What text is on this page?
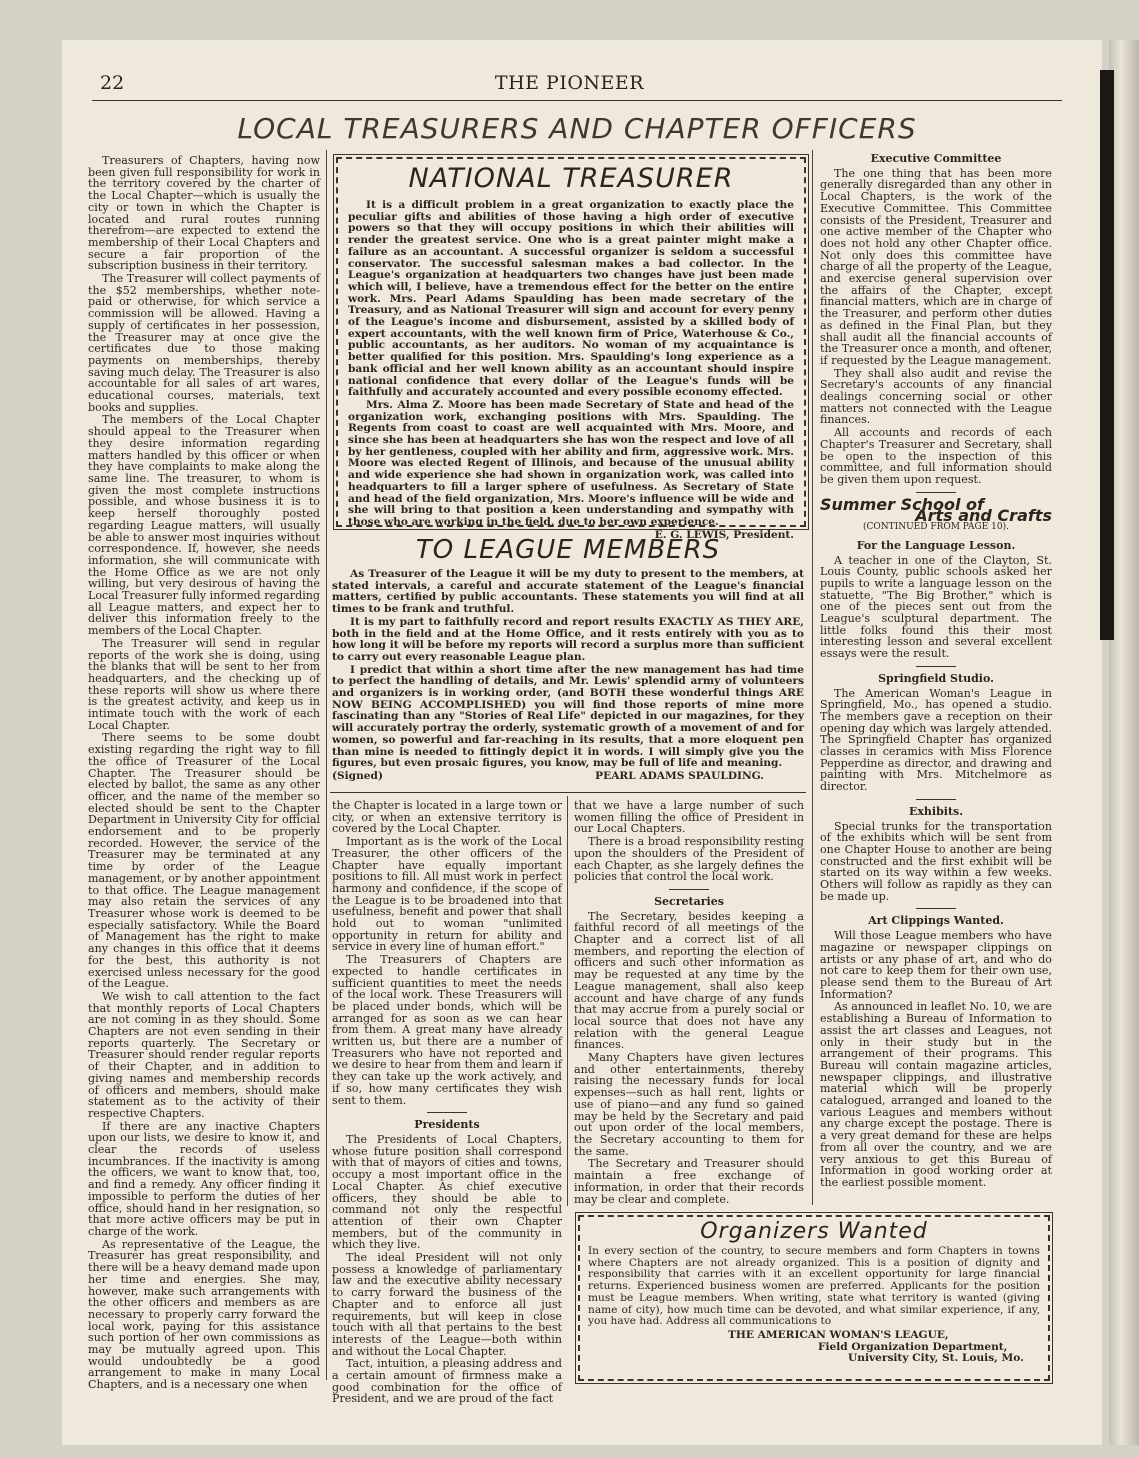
22	THE PIONEER
LOCAL TREASURERS AND CHAPTER OFFICERS

Treasurers of Chapters, having now been given full responsibility for work in the territory covered by the charter of the Local Chapter—which is usually the city or town in which the Chapter is located and rural routes running therefrom—are expected to extend the membership of their Local Chapters and secure a fair proportion of the subscription business in their territory.

The Treasurer will collect payments of the $52 memberships, whether note-paid or otherwise, for which service a commission will be allowed. Having a supply of certificates in her possession, the Treasurer may at once give the certificates due to those making payments on memberships, thereby saving much delay. The Treasurer is also accountable for all sales of art wares, educational courses, materials, text books and supplies.

The members of the Local Chapter should appeal to the Treasurer when they desire information regarding matters handled by this officer or when they have complaints to make along the same line. The treasurer, to whom is given the most complete instructions possible, and whose business it is to keep herself thoroughly posted regarding League matters, will usually be able to answer most inquiries without correspondence. If, however, she needs information, she will communicate with the Home Office as we are not only willing, but very desirous of having the Local Treasurer fully informed regarding all League matters, and expect her to deliver this information freely to the members of the Local Chapter.

The Treasurer will send in regular reports of the work she is doing, using the blanks that will be sent to her from headquarters, and the checking up of these reports will show us where there is the greatest activity, and keep us in intimate touch with the work of each Local Chapter.

There seems to be some doubt existing regarding the right way to fill the office of Treasurer of the Local Chapter. The Treasurer should be elected by ballot, the same as any other officer, and the name of the member so elected should be sent to the Chapter Department in University City for official endorsement and to be properly recorded. However, the service of the Treasurer may be terminated at any time by order of the League management, or by another appointment to that office. The League management may also retain the services of any Treasurer whose work is deemed to be especially satisfactory. While the Board of Management has the right to make any changes in this office that it deems for the best, this authority is not exercised unless necessary for the good of the League.

We wish to call attention to the fact that monthly reports of Local Chapters are not coming in as they should. Some Chapters are not even sending in their reports quarterly. The Secretary or Treasurer should render regular reports of their Chapter, and in addition to giving names and membership records of officers and members, should make statement as to the activity of their respective Chapters.

If there are any inactive Chapters upon our lists, we desire to know it, and clear the records of useless incumbrances. If the inactivity is among the officers, we want to know that, too, and find a remedy. Any officer finding it impossible to perform the duties of her office, should hand in her resignation, so that more active officers may be put in charge of the work.

As representative of the League, the Treasurer has great responsibility, and there will be a heavy demand made upon her time and energies. She may, however, make such arrangements with the other officers and members as are necessary to properly carry forward the local work, paying for this assistance such portion of her own commissions as may be mutually agreed upon. This would undoubtedly be a good arrangement to make in many Local Chapters, and is a necessary one when

NATIONAL TREASURER

It is a difficult problem in a great organization to exactly place the peculiar gifts and abilities of those having a high order of executive powers so that they will occupy positions in which their abilities will render the greatest service. One who is a great painter might make a failure as an accountant. A successful organizer is seldom a successful conservator. The successful salesman makes a bad collector. In the League's organization at headquarters two changes have just been made which will, I believe, have a tremendous effect for the better on the entire work. Mrs. Pearl Adams Spaulding has been made secretary of the Treasury, and as National Treasurer will sign and account for every penny of the League's income and disbursement, assisted by a skilled body of expert accountants, with the well known firm of Price, Waterhouse & Co., public accountants, as her auditors. No woman of my acquaintance is better qualified for this position. Mrs. Spaulding's long experience as a bank official and her well known ability as an accountant should inspire national confidence that every dollar of the League's funds will be faithfully and accurately accounted and every possible economy effected.

Mrs. Alma Z. Moore has been made Secretary of State and head of the organization work, exchanging positions with Mrs. Spaulding. The Regents from coast to coast are well acquainted with Mrs. Moore, and since she has been at headquarters she has won the respect and love of all by her gentleness, coupled with her ability and firm, aggressive work. Mrs. Moore was elected Regent of Illinois, and because of the unusual ability and wide experience she had shown in organization work, was called into headquarters to fill a larger sphere of usefulness. As Secretary of State and head of the field organization, Mrs. Moore's influence will be wide and she will bring to that position a keen understanding and sympathy with those who are working in the field, due to her own experience.

E. G. LEWIS, President.
TO LEAGUE MEMBERS

As Treasurer of the League it will be my duty to present to the members, at stated intervals, a careful and accurate statement of the League's financial matters, certified by public accountants. These statements you will find at all times to be frank and truthful.

It is my part to faithfully record and report results EXACTLY AS THEY ARE, both in the field and at the Home Office, and it rests entirely with you as to how long it will be before my reports will record a surplus more than sufficient to carry out every reasonable League plan.

I predict that within a short time after the new management has had time to perfect the handling of details, and Mr. Lewis' splendid army of volunteers and organizers is in working order, (and BOTH these wonderful things ARE NOW BEING ACCOMPLISHED) you will find those reports of mine more fascinating than any "Stories of Real Life" depicted in our magazines, for they will accurately portray the orderly, systematic growth of a movement of and for women, so powerful and far-reaching in its results, that a more eloquent pen than mine is needed to fittingly depict it in words. I will simply give you the figures, but even prosaic figures, you know, may be full of life and meaning.

(Signed)	PEARL ADAMS SPAULDING.

the Chapter is located in a large town or city, or when an extensive territory is covered by the Local Chapter.

Important as is the work of the Local Treasurer, the other officers of the Chapter have equally important positions to fill. All must work in perfect harmony and confidence, if the scope of the League is to be broadened into that usefulness, benefit and power that shall hold out to woman "unlimited opportunity in return for ability and service in every line of human effort."

The Treasurers of Chapters are expected to handle certificates in sufficient quantities to meet the needs of the local work. These Treasurers will be placed under bonds, which will be arranged for as soon as we can hear from them. A great many have already written us, but there are a number of Treasurers who have not reported and we desire to hear from them and learn if they can take up the work actively, and if so, how many certificates they wish sent to them.

Presidents

The Presidents of Local Chapters, whose future position shall correspond with that of mayors of cities and towns, occupy a most important office in the Local Chapter. As chief executive officers, they should be able to command not only the respectful attention of their own Chapter members, but of the community in which they live.

The ideal President will not only possess a knowledge of parliamentary law and the executive ability necessary to carry forward the business of the Chapter and to enforce all just requirements, but will keep in close touch with all that pertains to the best interests of the League—both within and without the Local Chapter.

Tact, intuition, a pleasing address and a certain amount of firmness make a good combination for the office of President, and we are proud of the fact

that we have a large number of such women filling the office of President in our Local Chapters.

There is a broad responsibility resting upon the shoulders of the President of each Chapter, as she largely defines the policies that control the local work.

Secretaries

The Secretary, besides keeping a faithful record of all meetings of the Chapter and a correct list of all members, and reporting the election of officers and such other information as may be requested at any time by the League management, shall also keep account and have charge of any funds that may accrue from a purely social or local source that does not have any relation with the general League finances.

Many Chapters have given lectures and other entertainments, thereby raising the necessary funds for local expenses—such as hall rent, lights or use of piano—and any fund so gained may be held by the Secretary and paid out upon order of the local members, the Secretary accounting to them for the same.

The Secretary and Treasurer should maintain a free exchange of information, in order that their records may be clear and complete.

Executive Committee

The one thing that has been more generally disregarded than any other in Local Chapters, is the work of the Executive Committee. This Committee consists of the President, Treasurer and one active member of the Chapter who does not hold any other Chapter office. Not only does this committee have charge of all the property of the League, and exercise general supervision over the affairs of the Chapter, except financial matters, which are in charge of the Treasurer, and perform other duties as defined in the Final Plan, but they shall audit all the financial accounts of the Treasurer once a month, and oftener, if requested by the League management.

They shall also audit and revise the Secretary's accounts of any financial dealings concerning social or other matters not connected with the League finances.

All accounts and records of each Chapter's Treasurer and Secretary, shall be open to the inspection of this committee, and full information should be given them upon request.

Summer School of
Arts and Crafts
(CONTINUED FROM PAGE 10).
For the Language Lesson.

A teacher in one of the Clayton, St. Louis County, public schools asked her pupils to write a language lesson on the statuette, "The Big Brother," which is one of the pieces sent out from the League's sculptural department. The little folks found this their most interesting lesson and several excellent essays were the result.

Springfield Studio.

The American Woman's League in Springfield, Mo., has opened a studio. The members gave a reception on their opening day which was largely attended. The Springfield Chapter has organized classes in ceramics with Miss Florence Pepperdine as director, and drawing and painting with Mrs. Mitchelmore as director.

Exhibits.

Special trunks for the transportation of the exhibits which will be sent from one Chapter House to another are being constructed and the first exhibit will be started on its way within a few weeks. Others will follow as rapidly as they can be made up.

Art Clippings Wanted.

Will those League members who have magazine or newspaper clippings on artists or any phase of art, and who do not care to keep them for their own use, please send them to the Bureau of Art Information?

As announced in leaflet No. 10, we are establishing a Bureau of Information to assist the art classes and Leagues, not only in their study but in the arrangement of their programs. This Bureau will contain magazine articles, newspaper clippings, and illustrative material which will be properly catalogued, arranged and loaned to the various Leagues and members without any charge except the postage. There is a very great demand for these are helps from all over the country, and we are very anxious to get this Bureau of Information in good working order at the earliest possible moment.

Organizers Wanted
In every section of the country, to secure members and form Chapters in towns where Chapters are not already organized. This is a position of dignity and responsibility that carries with it an excellent opportunity for large financial returns. Experienced business women are preferred. Applicants for the position must be League members. When writing, state what territory is wanted (giving name of city), how much time can be devoted, and what similar experience, if any, you have had. Address all communications to
THE AMERICAN WOMAN'S LEAGUE,
Field Organization Department,
University City, St. Louis, Mo.
